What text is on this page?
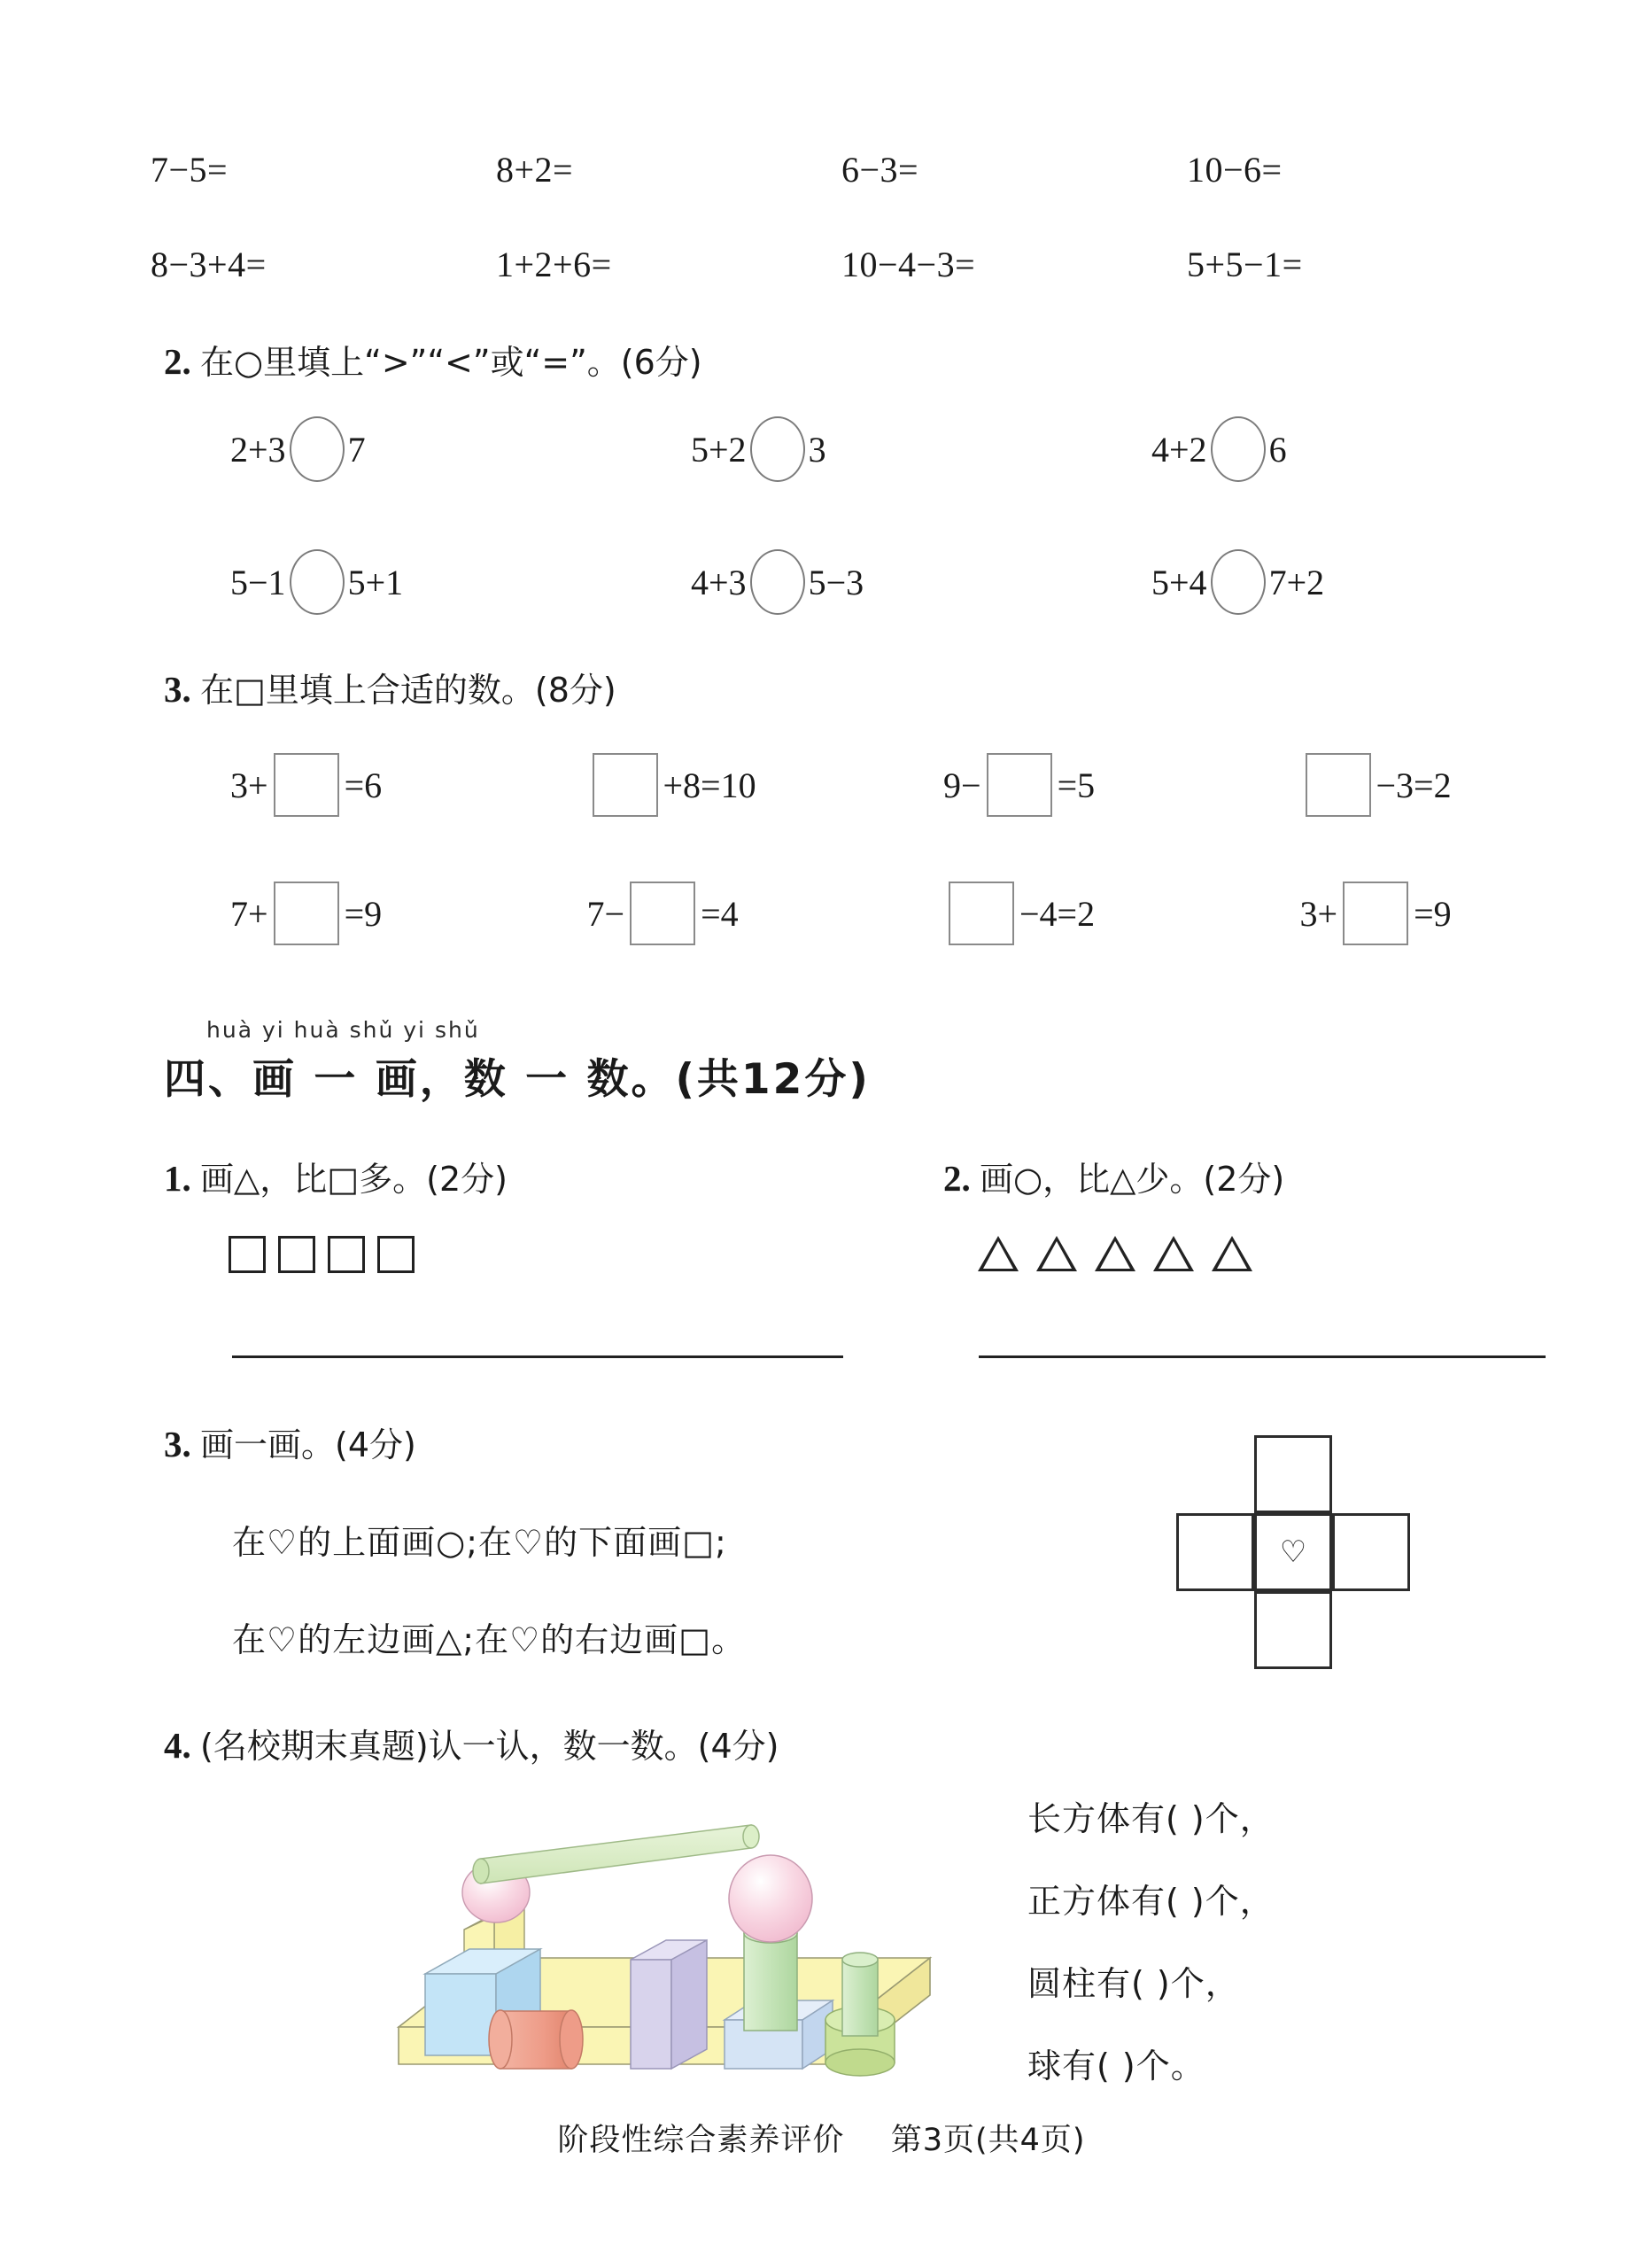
7−5=	8+2=	6−3=	10−6=
8−3+4=	1+2+6=	10−4−3=	5+5−1=
2. 在○里填上“>”“<”或“=”。(6分)
2+3 7	5+2 3	4+2 6
5−1 5+1	4+3 5−3	5+4 7+2
3. 在□里填上合适的数。(8分)
3+ =6	+8=10	9− =5	−3=2
7+ =9	7− =4	−4=2	3+ =9
huà yi huà shǔ yi shǔ
四、画 一 画，数 一 数。(共12分)
1. 画△，比□多。(2分)	2. 画○，比△少。(2分)
3. 画一画。(4分)
在♡的上面画○;在♡的下面画□;
在♡的左边画△;在♡的右边画□。
♡
4. (名校期末真题)认一认，数一数。(4分)
长方体有( )个，
正方体有( )个，
圆柱有( )个，
球有( )个。
阶段性综合素养评价 第3页(共4页)
